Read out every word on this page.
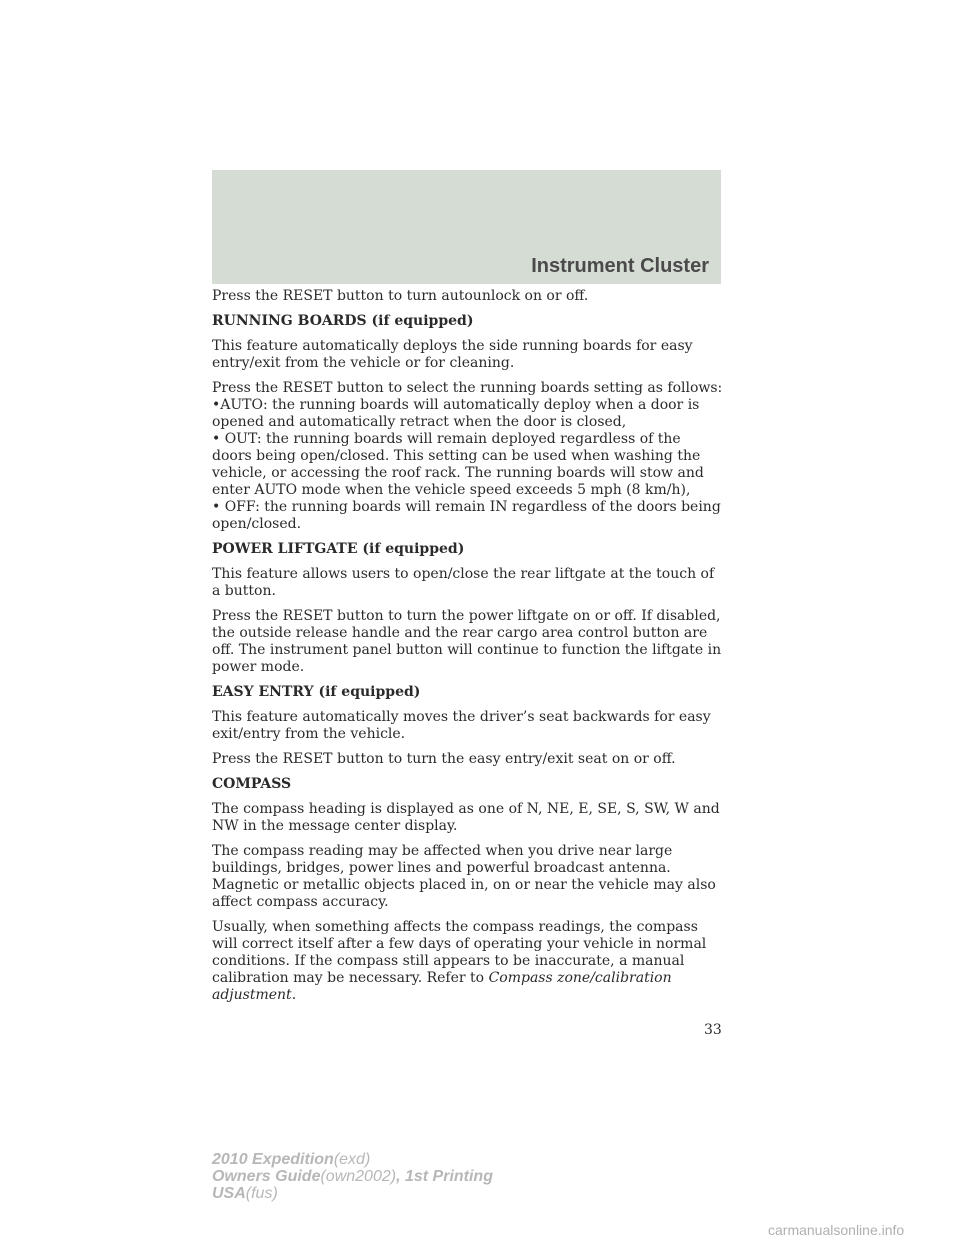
Instrument Cluster

Press the RESET button to turn autounlock on or off.

RUNNING BOARDS (if equipped)

This feature automatically deploys the side running boards for easy entry/exit from the vehicle or for cleaning.

Press the RESET button to select the running boards setting as follows:
•AUTO: the running boards will automatically deploy when a door is opened and automatically retract when the door is closed,
• OUT: the running boards will remain deployed regardless of the doors being open/closed. This setting can be used when washing the vehicle, or accessing the roof rack. The running boards will stow and enter AUTO mode when the vehicle speed exceeds 5 mph (8 km/h),
• OFF: the running boards will remain IN regardless of the doors being open/closed.
POWER LIFTGATE (if equipped)

This feature allows users to open/close the rear liftgate at the touch of a button.

Press the RESET button to turn the power liftgate on or off. If disabled, the outside release handle and the rear cargo area control button are off. The instrument panel button will continue to function the liftgate in power mode.

EASY ENTRY (if equipped)

This feature automatically moves the driver’s seat backwards for easy exit/entry from the vehicle.

Press the RESET button to turn the easy entry/exit seat on or off.

COMPASS

The compass heading is displayed as one of N, NE, E, SE, S, SW, W and NW in the message center display.

The compass reading may be affected when you drive near large buildings, bridges, power lines and powerful broadcast antenna. Magnetic or metallic objects placed in, on or near the vehicle may also affect compass accuracy.

Usually, when something affects the compass readings, the compass will correct itself after a few days of operating your vehicle in normal conditions. If the compass still appears to be inaccurate, a manual calibration may be necessary. Refer to Compass zone/calibration adjustment.

33
2010 Expedition(exd)
Owners Guide(own2002), 1st Printing
USA(fus)
carmanualsonline.info
